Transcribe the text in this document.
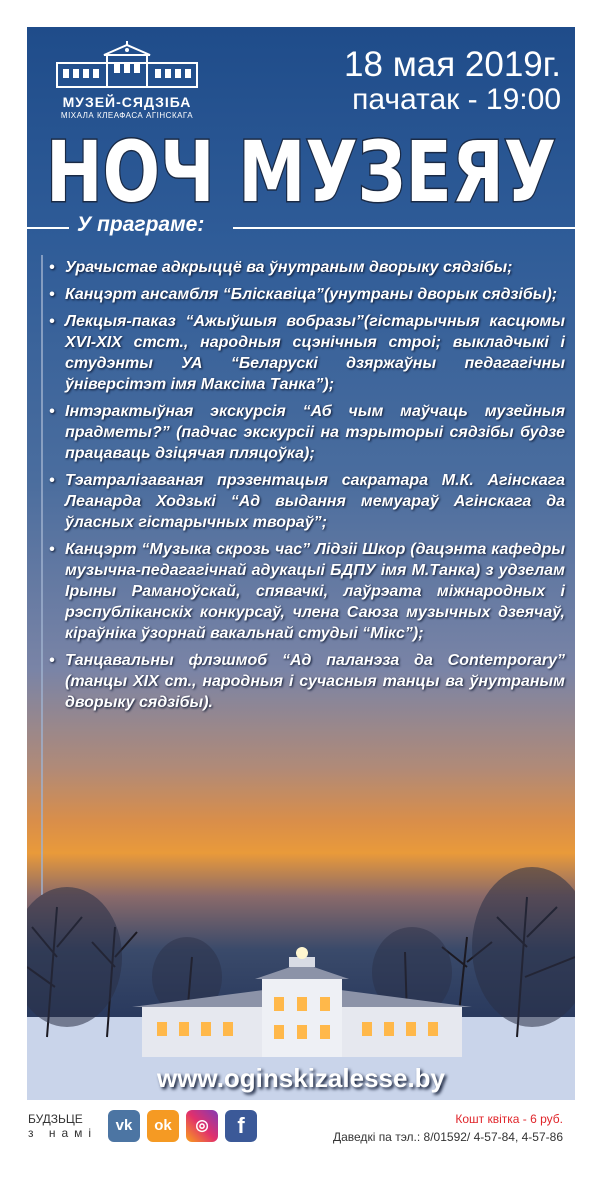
МУЗЕЙ-СЯДЗІБА
МІХАЛА КЛЕАФАСА АГІНСКАГА
18 мая 2019г.
пачатак - 19:00
НОЧ МУЗЕЯУ
У праграме:
• Урачыстае адкрыццё ва ўнутраным дворыку сядзібы;
• Канцэрт ансамбля “Бліскавіца”(унутраны дворык сядзібы);
• Лекцыя-паказ “Ажыўшыя вобразы”(гістарычныя касцюмы XVI-XIX стст., народныя сцэнічныя строі; выкладчыкі і студэнты УА “Беларускі дзяржаўны педагагічны ўніверсітэт імя Максіма Танка”);
• Інтэрактыўная экскурсія “Аб чым маўчаць музейныя прадметы?” (падчас экскурсіі на тэрыторыі сядзібы будзе працаваць дзіцячая пляцоўка);
• Тэатралізаваная прэзентацыя сакратара М.К. Агінскага Леанарда Ходзькі “Ад выдання мемуараў Агінскага да ўласных гістарычных твораў”;
• Канцэрт “Музыка скрозь час” Лідзіі Шкор (дацэнта кафедры музычна-педагагічнай адукацыі БДПУ імя М.Танка) з удзелам Ірыны Раманоўскай, спявачкі, лаўрэата міжнародных і рэспубліканскіх конкурсаў, члена Саюза музычных дзеячаў, кіраўніка ўзорнай вакальнай студыі “Мікс”);
• Танцавальны флэшмоб “Ад паланэза да Contemporary” (танцы XIX ст., народныя і сучасныя танцы ва ўнутраным дворыку сядзібы).
www.oginskizalesse.by
БУДЗЬЦЕ
з намі	vk	ok	◎	f	Кошт квітка - 6 руб.
Даведкі па тэл.: 8/01592/ 4-57-84, 4-57-86
